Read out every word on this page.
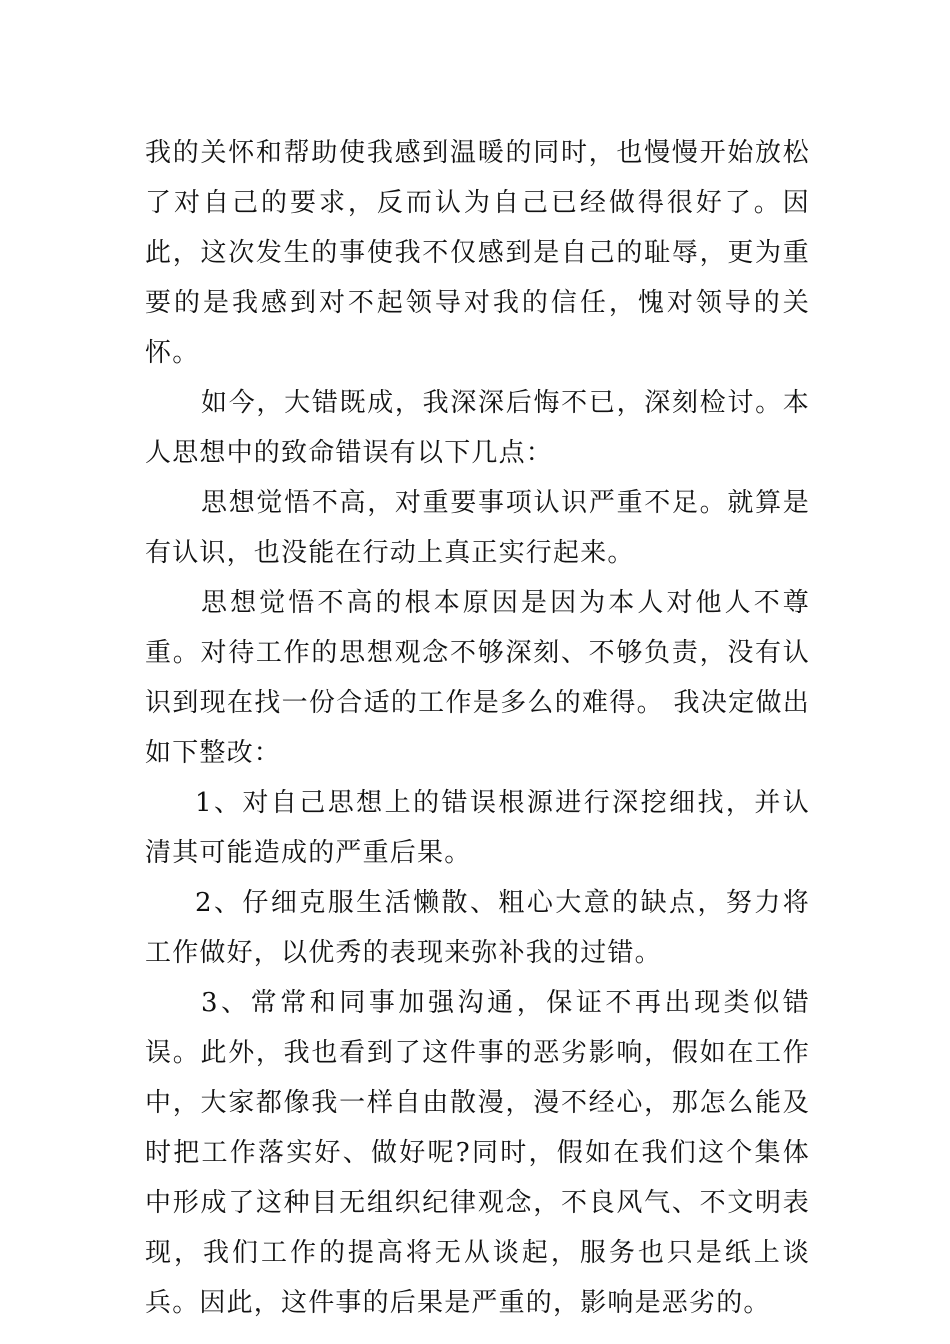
我的关怀和帮助使我感到温暖的同时，也慢慢开始放松了对自己的要求，反而认为自己已经做得很好了。因此，这次发生的事使我不仅感到是自己的耻辱，更为重要的是我感到对不起领导对我的信任，愧对领导的关怀。

如今，大错既成，我深深后悔不已，深刻检讨。本人思想中的致命错误有以下几点：

思想觉悟不高，对重要事项认识严重不足。就算是有认识，也没能在行动上真正实行起来。

思想觉悟不高的根本原因是因为本人对他人不尊重。对待工作的思想观念不够深刻、不够负责，没有认识到现在找一份合适的工作是多么的难得。 我决定做出如下整改：

1、对自己思想上的错误根源进行深挖细找，并认清其可能造成的严重后果。

2、仔细克服生活懒散、粗心大意的缺点，努力将工作做好，以优秀的表现来弥补我的过错。

3、常常和同事加强沟通，保证不再出现类似错误。此外，我也看到了这件事的恶劣影响，假如在工作中，大家都像我一样自由散漫，漫不经心，那怎么能及时把工作落实好、做好呢?同时，假如在我们这个集体中形成了这种目无组织纪律观念，不良风气、不文明表现，我们工作的提高将无从谈起，服务也只是纸上谈兵。因此，这件事的后果是严重的，影响是恶劣的。
